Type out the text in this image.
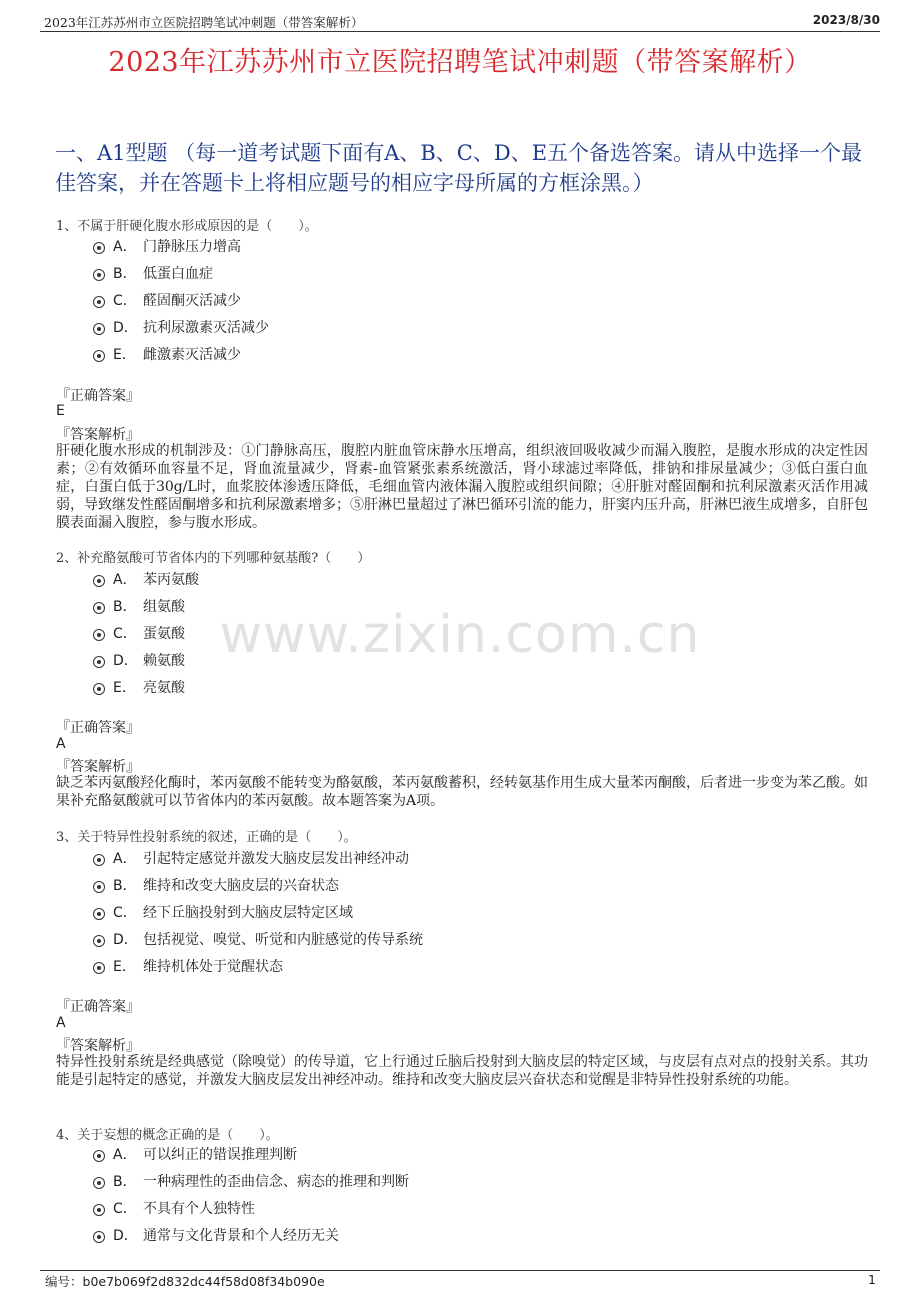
2023年江苏苏州市立医院招聘笔试冲刺题（带答案解析）	2023/8/30
2023年江苏苏州市立医院招聘笔试冲刺题（带答案解析）
一、A1型题 （每一道考试题下面有A、B、C、D、E五个备选答案。请从中选择一个最佳答案，并在答题卡上将相应题号的相应字母所属的方框涂黑。）
www.zixin.com.cn
1、不属于肝硬化腹水形成原因的是（　　）。
A． 门静脉压力增高
B． 低蛋白血症
C． 醛固酮灭活减少
D． 抗利尿激素灭活减少
E． 雌激素灭活减少
『正确答案』
E
『答案解析』
肝硬化腹水形成的机制涉及：①门静脉高压，腹腔内脏血管床静水压增高，组织液回吸收减少而漏入腹腔，是腹水形成的决定性因素；②有效循环血容量不足，肾血流量减少，肾素-血管紧张素系统激活，肾小球滤过率降低，排钠和排尿量减少；③低白蛋白血症，白蛋白低于30g/L时，血浆胶体渗透压降低，毛细血管内液体漏入腹腔或组织间隙；④肝脏对醛固酮和抗利尿激素灭活作用减弱，导致继发性醛固酮增多和抗利尿激素增多；⑤肝淋巴量超过了淋巴循环引流的能力，肝窦内压升高，肝淋巴液生成增多，自肝包膜表面漏入腹腔，参与腹水形成。
2、补充酪氨酸可节省体内的下列哪种氨基酸?（　　）
A． 苯丙氨酸
B． 组氨酸
C． 蛋氨酸
D． 赖氨酸
E． 亮氨酸
『正确答案』
A
『答案解析』
缺乏苯丙氨酸羟化酶时，苯丙氨酸不能转变为酪氨酸，苯丙氨酸蓄积，经转氨基作用生成大量苯丙酮酸，后者进一步变为苯乙酸。如果补充酪氨酸就可以节省体内的苯丙氨酸。故本题答案为A项。
3、关于特异性投射系统的叙述，正确的是（　　）。
A． 引起特定感觉并激发大脑皮层发出神经冲动
B． 维持和改变大脑皮层的兴奋状态
C． 经下丘脑投射到大脑皮层特定区域
D． 包括视觉、嗅觉、听觉和内脏感觉的传导系统
E． 维持机体处于觉醒状态
『正确答案』
A
『答案解析』
特异性投射系统是经典感觉（除嗅觉）的传导道，它上行通过丘脑后投射到大脑皮层的特定区域，与皮层有点对点的投射关系。其功能是引起特定的感觉，并激发大脑皮层发出神经冲动。维持和改变大脑皮层兴奋状态和觉醒是非特异性投射系统的功能。
4、关于妄想的概念正确的是（　　）。
A． 可以纠正的错误推理判断
B． 一种病理性的歪曲信念、病态的推理和判断
C． 不具有个人独特性
D． 通常与文化背景和个人经历无关
编号：b0e7b069f2d832dc44f58d08f34b090e	1
